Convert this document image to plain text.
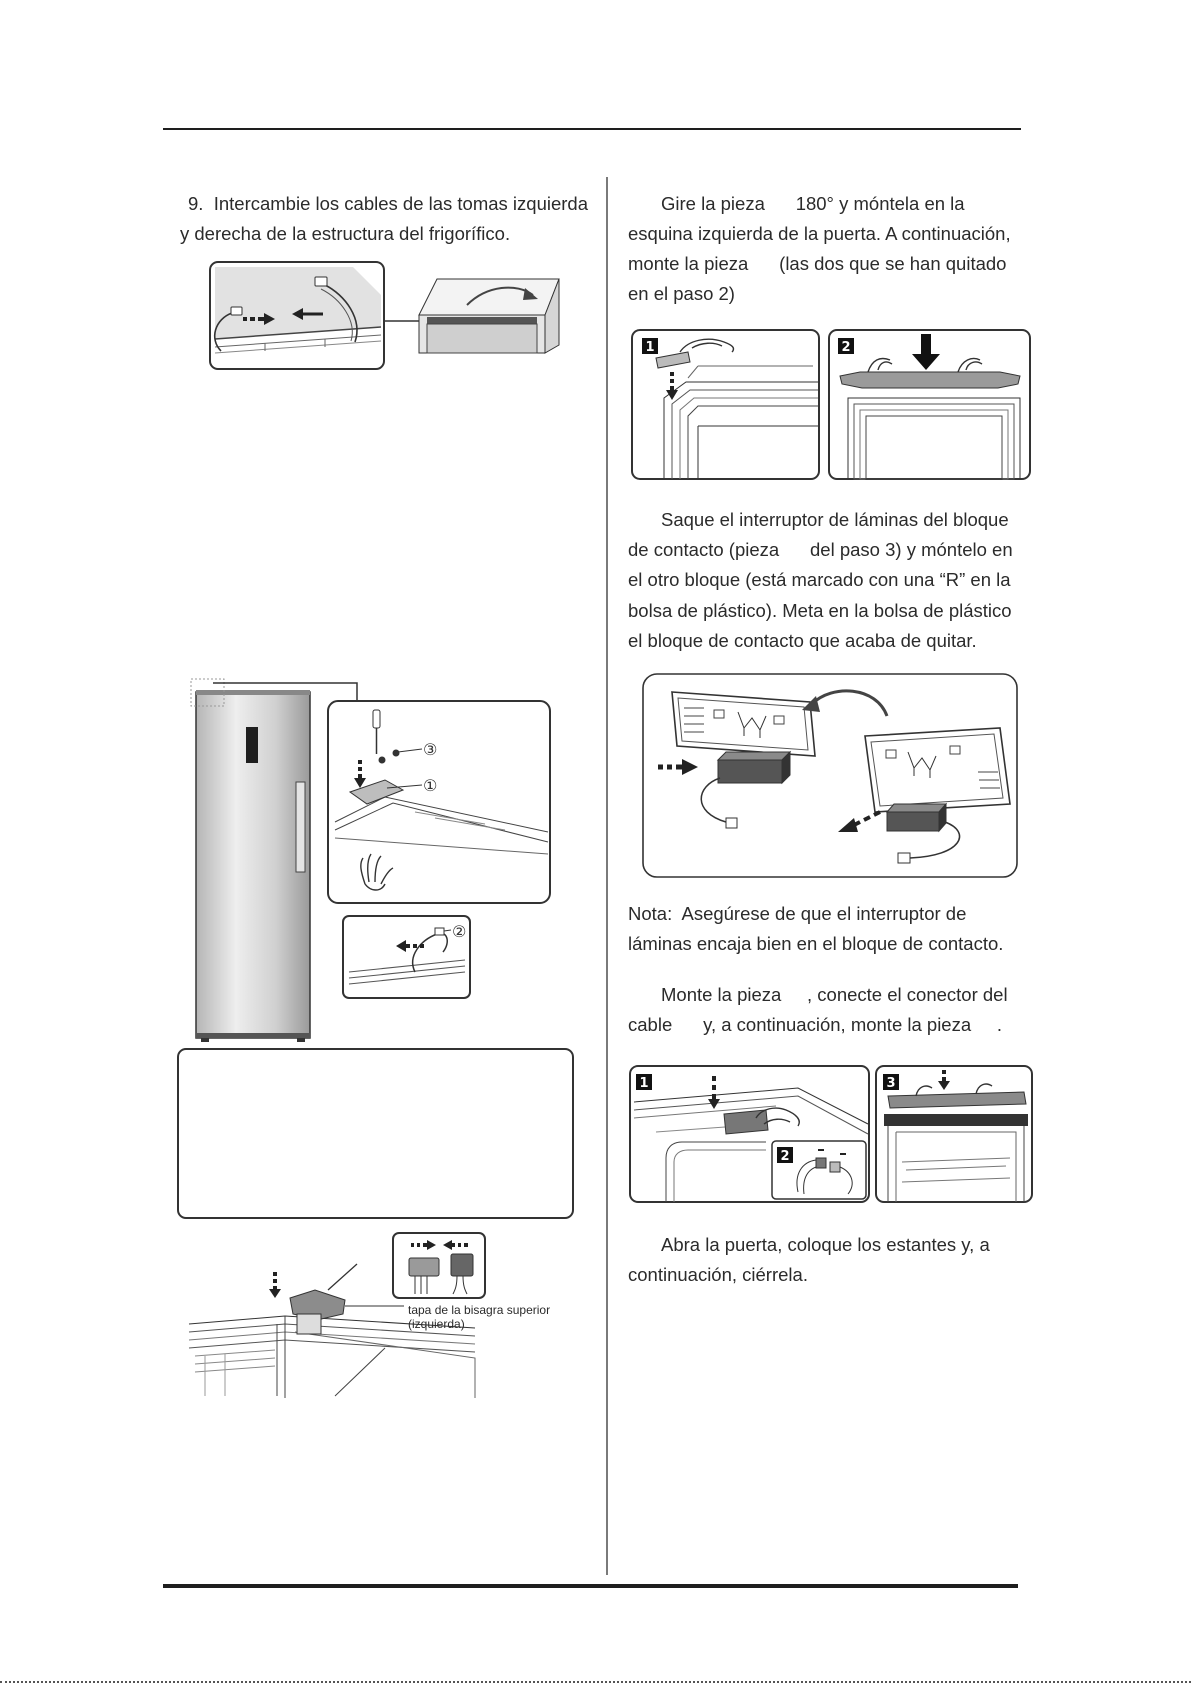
9.  Intercambie los cables de las tomas izquierda
y derecha de la estructura del frigorífico.
③
①
②
tapa de la bisagra superior
(izquierda)
Gire la pieza      180° y móntela en la
esquina izquierda de la puerta. A continuación,
monte la pieza      (las dos que se han quitado
en el paso 2)
1	2
Saque el interruptor de láminas del bloque
de contacto (pieza      del paso 3) y móntelo en
el otro bloque (está marcado con una “R” en la
bolsa de plástico). Meta en la bolsa de plástico
el bloque de contacto que acaba de quitar.
Nota:  Asegúrese de que el interruptor de
láminas encaja bien en el bloque de contacto.
Monte la pieza     , conecte el conector del
cable      y, a continuación, monte la pieza     .
1
2
3
Abra la puerta, coloque los estantes y, a
continuación, ciérrela.
